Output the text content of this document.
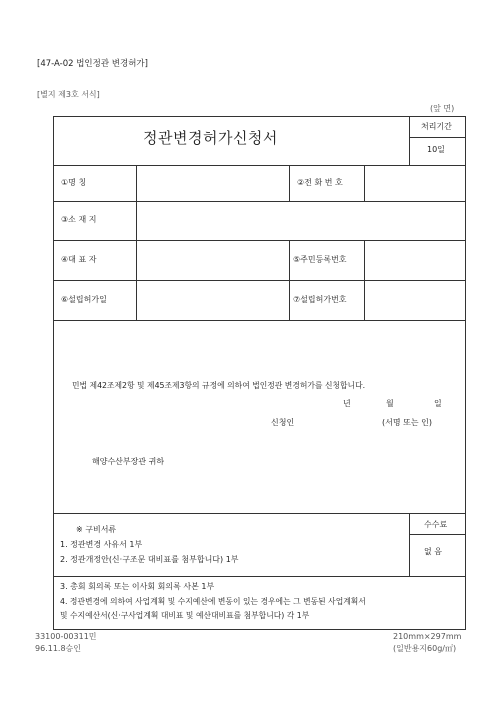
[47-A-02 법인정관 변경허가]
[별지 제3호 서식]
(앞 면)
정관변경허가신청서
처리기간
10일
①명 칭	②전 화 번 호
③소 재 지
④대 표 자	⑤주민등록번호
⑥설립허가일	⑦설립허가번호
민법 제42조제2항 및 제45조제3항의 규정에 의하여 법인정관 변경허가를 신청합니다.
년	월	일
신청인	(서명 또는 인)
해양수산부장관 귀하
※ 구비서류
1. 정관변경 사유서 1부
2. 정관개정안(신·구조문 대비표를 첨부합니다) 1부
3. 총회 회의록 또는 이사회 회의록 사본 1부
4. 정관변경에 의하여 사업계획 및 수지예산에 변동이 있는 경우에는 그 변동된 사업계획서
및 수지예산서(신·구사업계획 대비표 및 예산대비표를 첨부합니다) 각 1부
수수료
없 음
33100-00311민
96.11.8승인
210mm×297mm
(일반용지60g/㎡)
